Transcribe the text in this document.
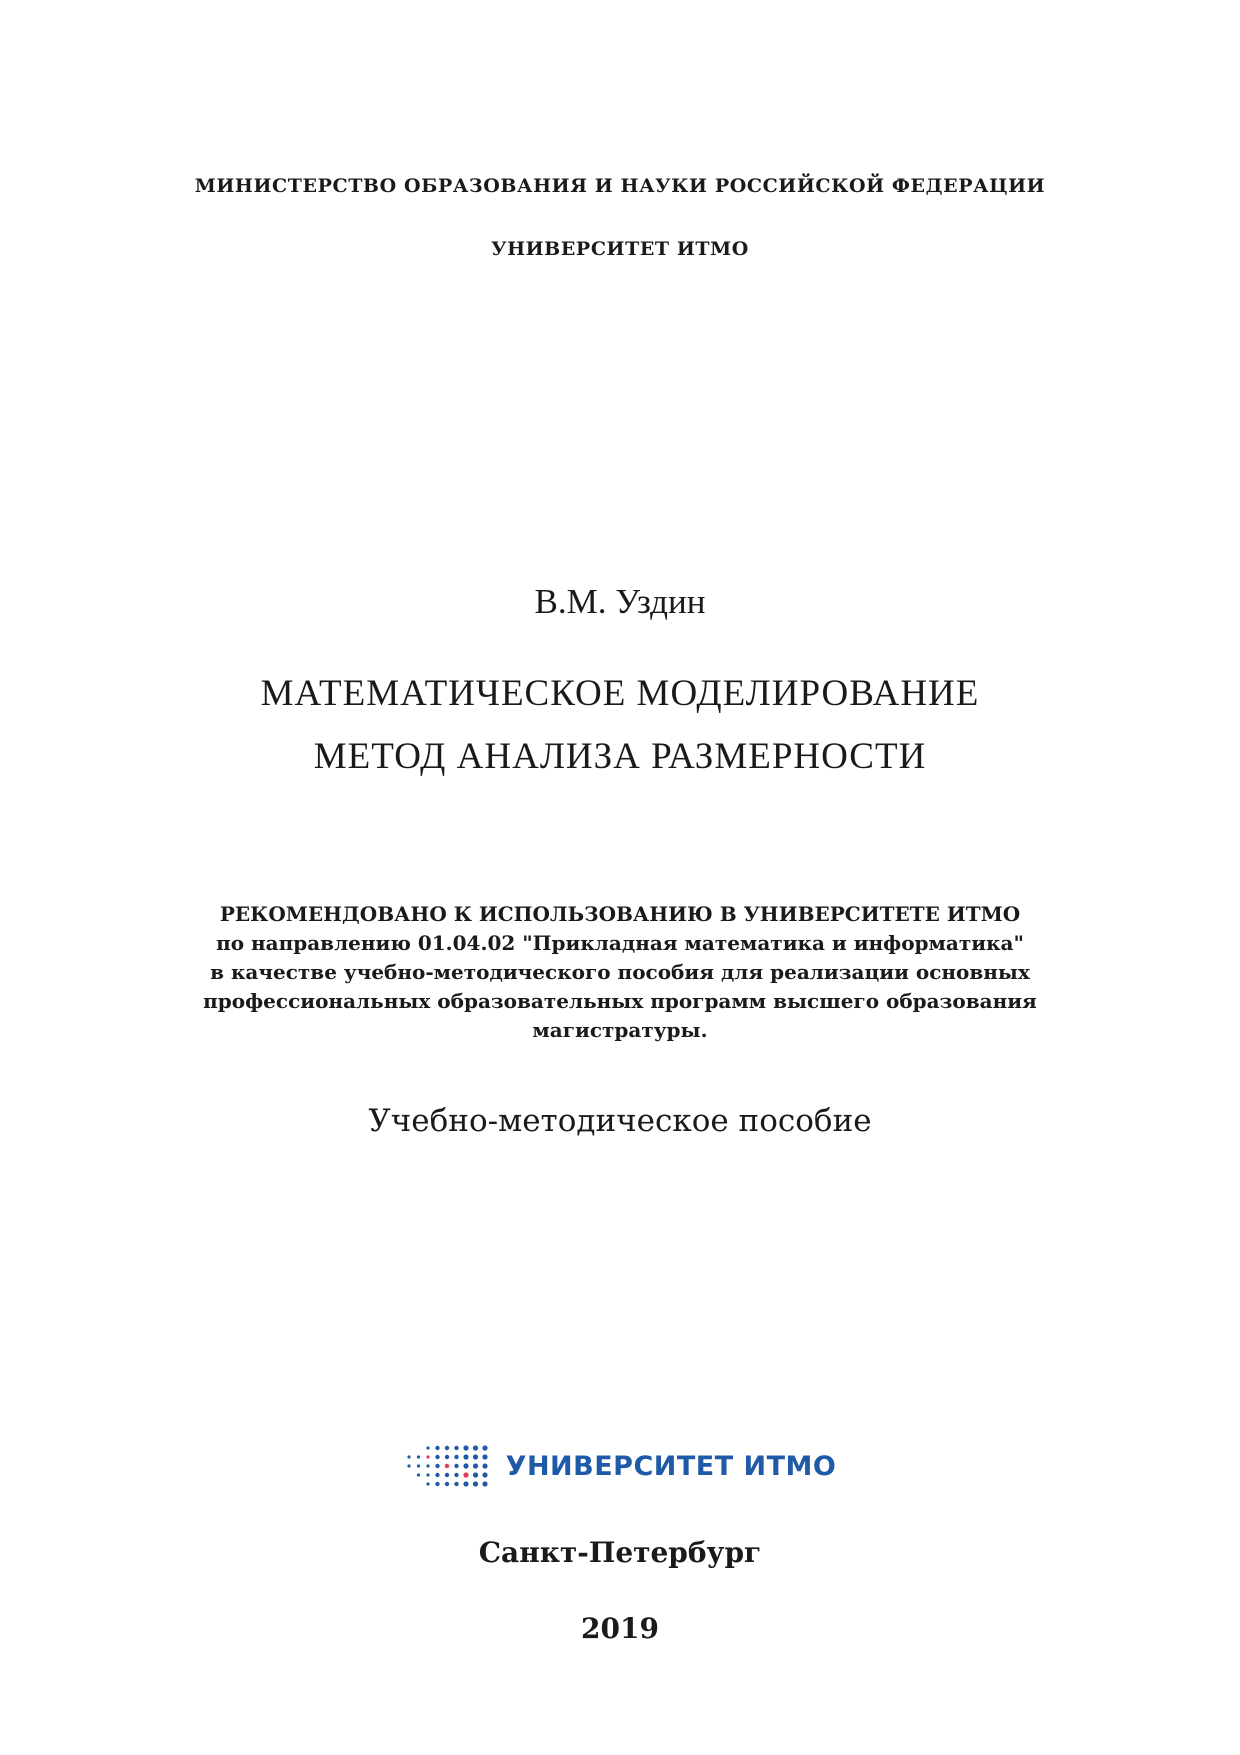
МИНИСТЕРСТВО ОБРАЗОВАНИЯ И НАУКИ РОССИЙСКОЙ ФЕДЕРАЦИИ
УНИВЕРСИТЕТ ИТМО
В.М. Уздин
МАТЕМАТИЧЕСКОЕ МОДЕЛИРОВАНИЕ
МЕТОД АНАЛИЗА РАЗМЕРНОСТИ
РЕКОМЕНДОВАНО К ИСПОЛЬЗОВАНИЮ В УНИВЕРСИТЕТЕ ИТМО
по направлению 01.04.02 "Прикладная математика и информатика"
в качестве учебно-методического пособия для реализации основных
профессиональных образовательных программ высшего образования
магистратуры.
Учебно-методическое пособие
УНИВЕРСИТЕТ ИТМО
Санкт-Петербург
2019
